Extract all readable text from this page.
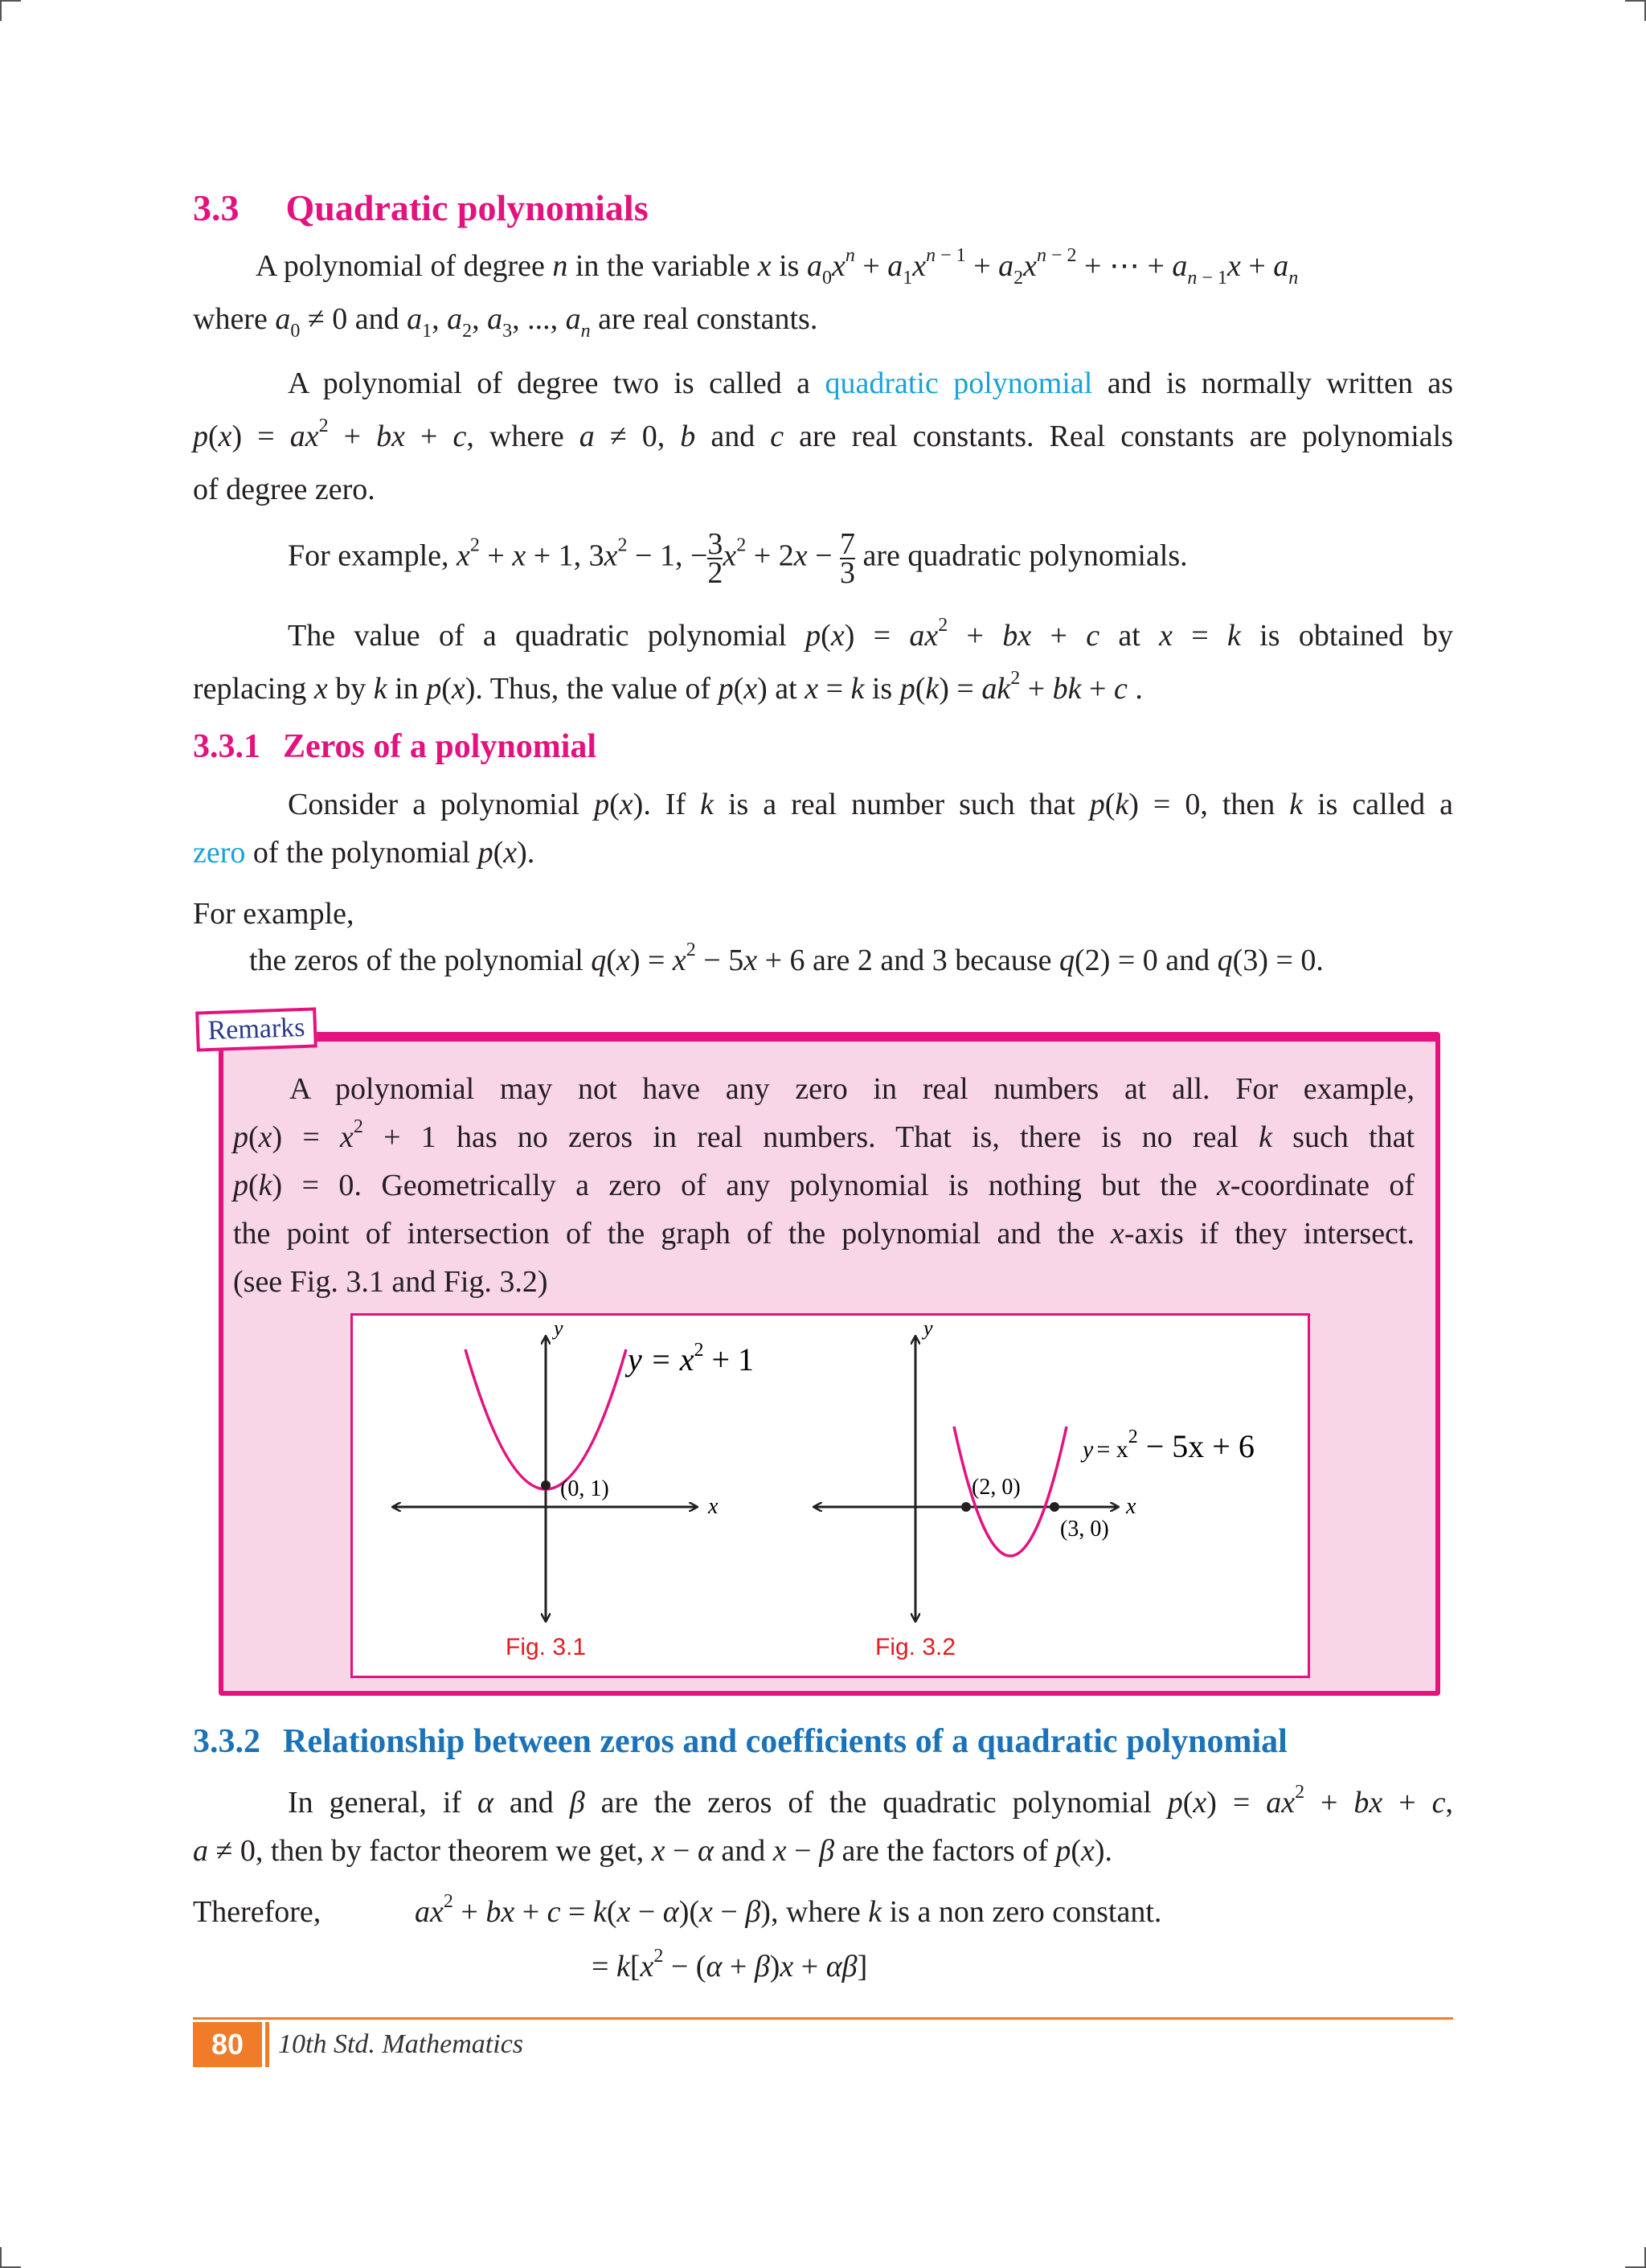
3.3 Quadratic polynomials
A polynomial of degree n in the variable x is $a_0x^n + a_1x^{n - 1} + a_2x^{n - 2}$ + ⋯ + $a_{n - 1}x + a_n$
where $a_0 \ne 0$ and $a_1$, $a_2$, $a_3$, ..., $a_n$ are real constants.
A polynomial of degree two is called a quadratic polynomial and is normally written as
$p(x) = ax^2$ + bx + c, where a ≠ 0, b and c are real constants. Real constants are polynomials
of degree zero.
For example, $x^2 + x + 1$, $3x^2 - 1$, − $\frac{3}{2} x^2 + 2x - \frac{7}{3}$ are quadratic polynomials.
The value of a quadratic polynomial $p(x) = ax^2$ + bx + c at x = k is obtained by
replacing x by k in p(x). Thus, the value of p(x) at x = k is $p(k) = ak^2$ + bk + c .
3.3.1 Zeros of a polynomial
Consider a polynomial p(x). If k is a real number such that p(k) = 0, then k is called a
zero of the polynomial p(x).
For example,
the zeros of the polynomial $q(x) = x^2 - 5x + 6$ are 2 and 3 because q(2) = 0 and q(3) = 0.
3.3.2 Relationship between zeros and coefficients of a quadratic polynomial
In general, if α and β are the zeros of the quadratic polynomial $p(x) = ax^2$ + bx + c,
a ≠ 0, then by factor theorem we get, x − α and x − β are the factors of p(x).
Therefore,	$ax^2$ + bx + c = k(x − α)(x − β), where k is a non zero constant.
= $k[x^2 - (\alpha + \beta)x + \alpha\beta]$
Remarks
A polynomial may not have any zero in real numbers at all. For example,
$p(x) = x^2 + 1$ has no zeros in real numbers. That is, there is no real k such that
p(k) = 0. Geometrically a zero of any polynomial is nothing but the x-coordinate of
the point of intersection of the graph of the polynomial and the x-axis if they intersect.
(see Fig. 3.1 and Fig. 3.2)
y
x
(0, 1)
$y = x^2 + 1$
Fig. 3.1
y
x
(2, 0)
(3, 0)
$y = x^2 - 5x + 6$
Fig. 3.2
80	10th Std. Mathematics
